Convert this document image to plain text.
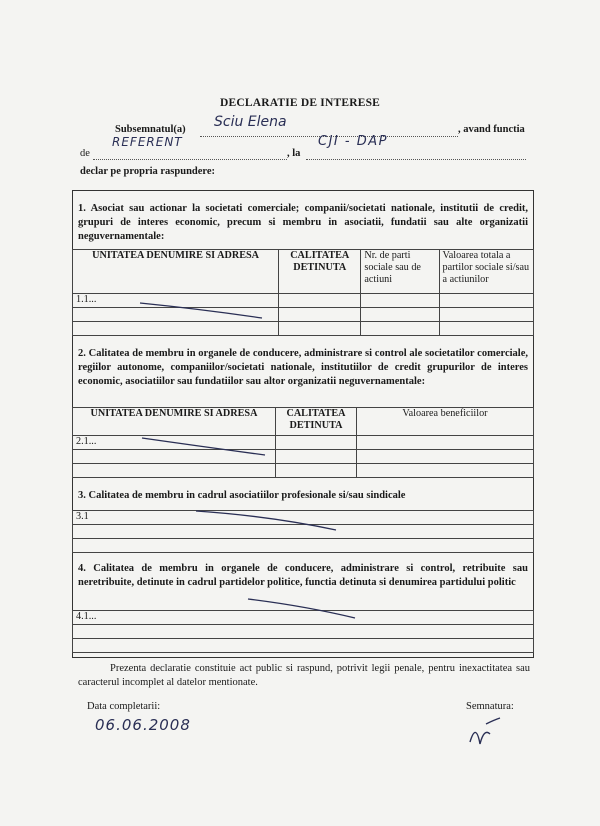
DECLARATIE DE INTERESE
Subsemnatul(a) Sciu Elena	, avand functia
de
REFERENT
, la
CJI - DAP
declar pe propria raspundere:
1. Asociat sau actionar la societati comerciale; companii/societati nationale, institutii de credit, grupuri de interes economic, precum si membru in asociatii, fundatii sau alte organizatii neguvernamentale:
UNITATEA DENUMIRE SI ADRESA	CALITATEA DETINUTA	Nr. de parti sociale sau de actiuni	Valoarea totala a partilor sociale si/sau a actiunilor
1.1...			

2. Calitatea de membru in organele de conducere, administrare si control ale societatilor comerciale, regiilor autonome, companiilor/societati nationale, institutiilor de credit grupurilor de interes economic, asociatiilor sau fundatiilor sau altor organizatii neguvernamentale:
UNITATEA DENUMIRE SI ADRESA	CALITATEA DETINUTA	Valoarea beneficiilor
2.1...		

3. Calitatea de membru in cadrul asociatiilor profesionale si/sau sindicale
3.1

4. Calitatea de membru in organele de conducere, administrare si control, retribuite sau neretribuite, detinute in cadrul partidelor politice, functia detinuta si denumirea partidului politic
4.1...

Prezenta declaratie constituie act public si raspund, potrivit legii penale, pentru inexactitatea sau caracterul incomplet al datelor mentionate.
Data completarii:
06.06.2008
Semnatura:
